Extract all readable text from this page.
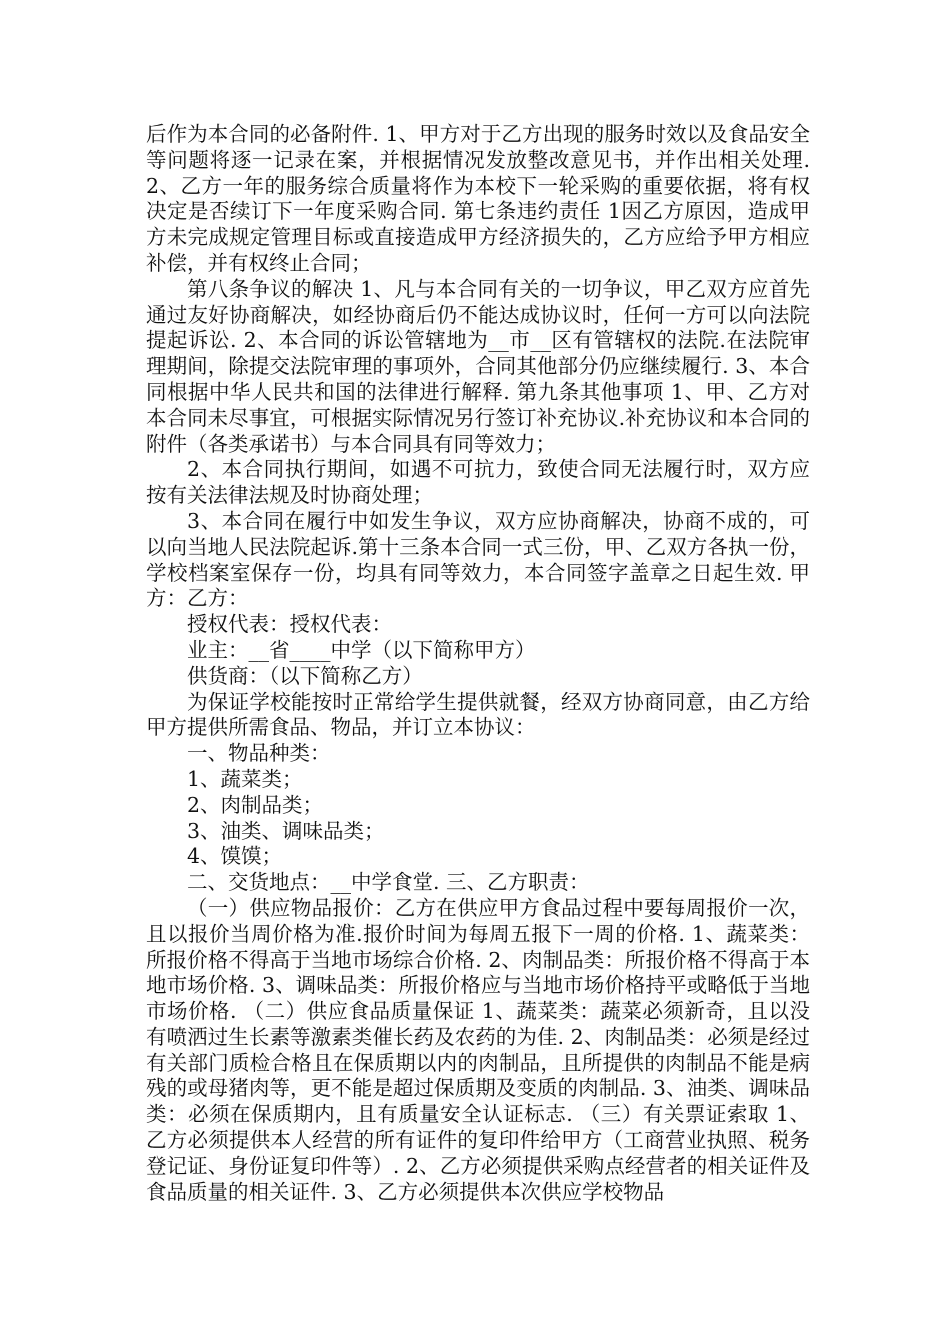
后作为本合同的必备附件. 1、甲方对于乙方出现的服务时效以及食品安全等问题将逐一记录在案，并根据情况发放整改意见书，并作出相关处理. 2、乙方一年的服务综合质量将作为本校下一轮采购的重要依据，将有权决定是否续订下一年度采购合同. 第七条违约责任 1因乙方原因，造成甲方未完成规定管理目标或直接造成甲方经济损失的，乙方应给予甲方相应补偿，并有权终止合同；

第八条争议的解决 1、凡与本合同有关的一切争议，甲乙双方应首先通过友好协商解决，如经协商后仍不能达成协议时，任何一方可以向法院提起诉讼. 2、本合同的诉讼管辖地为__市__区有管辖权的法院.在法院审理期间，除提交法院审理的事项外，合同其他部分仍应继续履行. 3、本合同根据中华人民共和国的法律进行解释. 第九条其他事项 1、甲、乙方对本合同未尽事宜，可根据实际情况另行签订补充协议.补充协议和本合同的附件（各类承诺书）与本合同具有同等效力；

2、本合同执行期间，如遇不可抗力，致使合同无法履行时，双方应按有关法律法规及时协商处理；

3、本合同在履行中如发生争议，双方应协商解决，协商不成的，可以向当地人民法院起诉.第十三条本合同一式三份，甲、乙双方各执一份， 学校档案室保存一份，均具有同等效力，本合同签字盖章之日起生效. 甲方：乙方：

授权代表：授权代表：

业主：__省____中学（以下简称甲方）

供货商：（以下简称乙方）

为保证学校能按时正常给学生提供就餐，经双方协商同意，由乙方给甲方提供所需食品、物品，并订立本协议：

一、物品种类：

1、蔬菜类；

2、肉制品类；

3、油类、调味品类；

4、馍馍；

二、交货地点：__中学食堂. 三、乙方职责：

（一）供应物品报价：乙方在供应甲方食品过程中要每周报价一次，且以报价当周价格为准.报价时间为每周五报下一周的价格. 1、蔬菜类：所报价格不得高于当地市场综合价格. 2、肉制品类：所报价格不得高于本地市场价格. 3、调味品类：所报价格应与当地市场价格持平或略低于当地市场价格. （二）供应食品质量保证 1、蔬菜类：蔬菜必须新奇，且以没有喷洒过生长素等激素类催长药及农药的为佳. 2、肉制品类：必须是经过有关部门质检合格且在保质期以内的肉制品，且所提供的肉制品不能是病残的或母猪肉等，更不能是超过保质期及变质的肉制品. 3、油类、调味品类：必须在保质期内，且有质量安全认证标志. （三）有关票证索取 1、乙方必须提供本人经营的所有证件的复印件给甲方（工商营业执照、税务登记证、身份证复印件等）. 2、乙方必须提供采购点经营者的相关证件及食品质量的相关证件. 3、乙方必须提供本次供应学校物品
